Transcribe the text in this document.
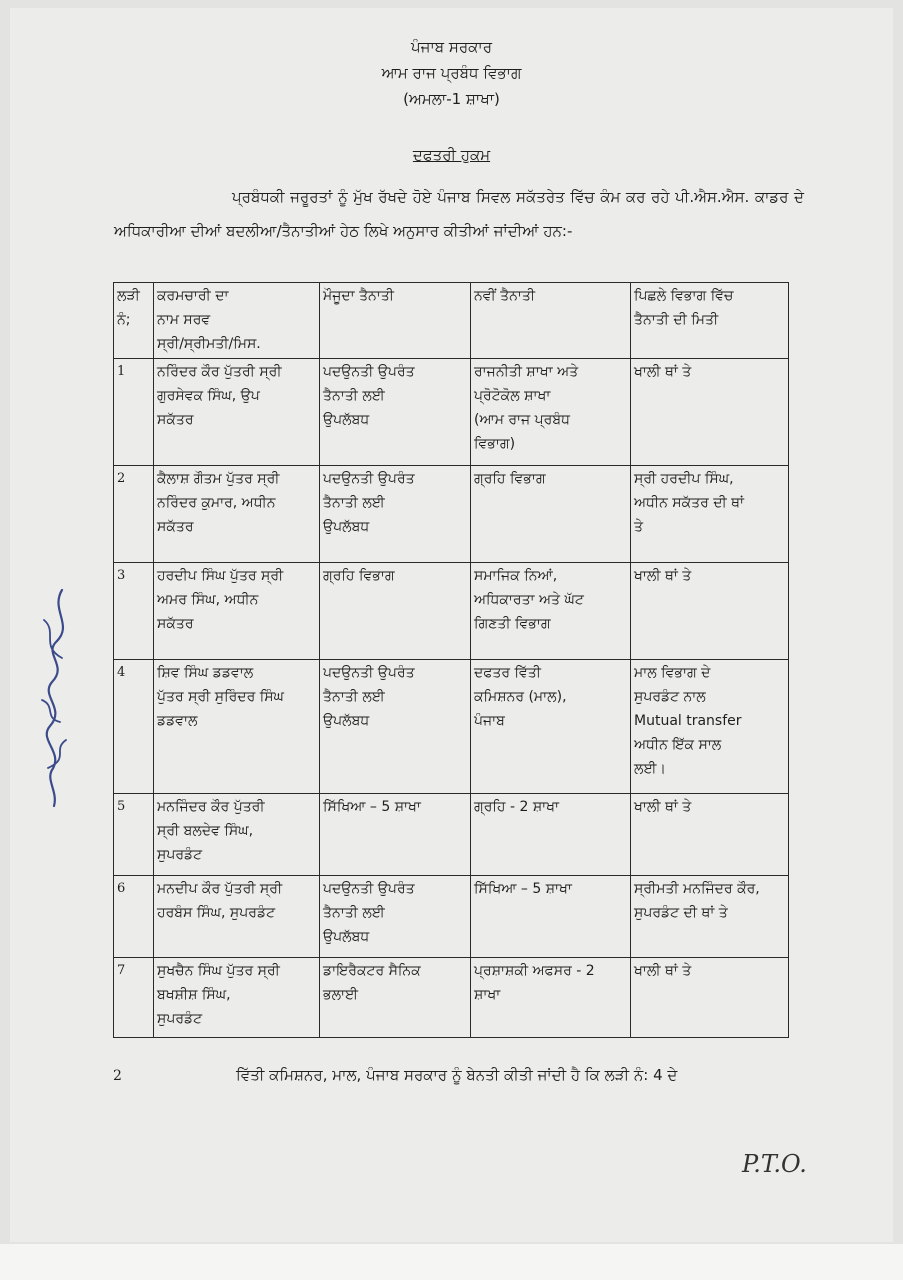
ਪੰਜਾਬ ਸਰਕਾਰ
ਆਮ ਰਾਜ ਪ੍ਰਬੰਧ ਵਿਭਾਗ
(ਅਮਲਾ-1 ਸ਼ਾਖਾ)
ਦਫਤਰੀ ਹੁਕਮ
ਪ੍ਰਬੰਧਕੀ ਜਰੂਰਤਾਂ ਨੂੰ ਮੁੱਖ ਰੱਖਦੇ ਹੋਏ ਪੰਜਾਬ ਸਿਵਲ ਸਕੱਤਰੇਤ ਵਿੱਚ ਕੰਮ ਕਰ ਰਹੇ ਪੀ.ਐਸ.ਐਸ. ਕਾਡਰ ਦੇ ਅਧਿਕਾਰੀਆ ਦੀਆਂ ਬਦਲੀਆ/ਤੈਨਾਤੀਆਂ ਹੇਠ ਲਿਖੇ ਅਨੁਸਾਰ ਕੀਤੀਆਂ ਜਾਂਦੀਆਂ ਹਨ:-
ਲੜੀ
ਨੰ;	ਕਰਮਚਾਰੀ ਦਾ
ਨਾਮ ਸਰਵ
ਸ੍ਰੀ/ਸ੍ਰੀਮਤੀ/ਮਿਸ.	ਮੌਜੂਦਾ ਤੈਨਾਤੀ	ਨਵੀਂ ਤੈਨਾਤੀ	ਪਿਛਲੇ ਵਿਭਾਗ ਵਿੱਚ
ਤੈਨਾਤੀ ਦੀ ਮਿਤੀ
1	ਨਰਿੰਦਰ ਕੌਰ ਪੁੱਤਰੀ ਸ੍ਰੀ
ਗੁਰਸੇਵਕ ਸਿੰਘ, ਉਪ
ਸਕੱਤਰ	ਪਦਉਨਤੀ ਉਪਰੰਤ
ਤੈਨਾਤੀ ਲਈ
ਉਪਲੱਬਧ	ਰਾਜਨੀਤੀ ਸ਼ਾਖਾ ਅਤੇ
ਪ੍ਰੋਟੋਕੋਲ ਸ਼ਾਖਾ
(ਆਮ ਰਾਜ ਪ੍ਰਬੰਧ
ਵਿਭਾਗ)	ਖਾਲੀ ਥਾਂ ਤੇ
2	ਕੈਲਾਸ਼ ਗੌਤਮ ਪੁੱਤਰ ਸ੍ਰੀ
ਨਰਿੰਦਰ ਕੁਮਾਰ, ਅਧੀਨ
ਸਕੱਤਰ	ਪਦਉਨਤੀ ਉਪਰੰਤ
ਤੈਨਾਤੀ ਲਈ
ਉਪਲੱਬਧ	ਗ੍ਰਹਿ ਵਿਭਾਗ	ਸ੍ਰੀ ਹਰਦੀਪ ਸਿੰਘ,
ਅਧੀਨ ਸਕੱਤਰ ਦੀ ਥਾਂ
ਤੇ
3	ਹਰਦੀਪ ਸਿੰਘ ਪੁੱਤਰ ਸ੍ਰੀ
ਅਮਰ ਸਿੰਘ, ਅਧੀਨ
ਸਕੱਤਰ	ਗ੍ਰਹਿ ਵਿਭਾਗ	ਸਮਾਜਿਕ ਨਿਆਂ,
ਅਧਿਕਾਰਤਾ ਅਤੇ ਘੱਟ
ਗਿਣਤੀ ਵਿਭਾਗ	ਖਾਲੀ ਥਾਂ ਤੇ
4	ਸ਼ਿਵ ਸਿੰਘ ਡਡਵਾਲ
ਪੁੱਤਰ ਸ੍ਰੀ ਸੁਰਿੰਦਰ ਸਿੰਘ
ਡਡਵਾਲ	ਪਦਉਨਤੀ ਉਪਰੰਤ
ਤੈਨਾਤੀ ਲਈ
ਉਪਲੱਬਧ	ਦਫਤਰ ਵਿੱਤੀ
ਕਮਿਸ਼ਨਰ (ਮਾਲ),
ਪੰਜਾਬ	ਮਾਲ ਵਿਭਾਗ ਦੇ
ਸੁਪਰਡੰਟ ਨਾਲ
Mutual transfer
ਅਧੀਨ ਇੱਕ ਸਾਲ
ਲਈ।
5	ਮਨਜਿੰਦਰ ਕੌਰ ਪੁੱਤਰੀ
ਸ੍ਰੀ ਬਲਦੇਵ ਸਿੰਘ,
ਸੁਪਰਡੰਟ	ਸਿੱਖਿਆ – 5 ਸ਼ਾਖਾ	ਗ੍ਰਹਿ - 2 ਸ਼ਾਖਾ	ਖਾਲੀ ਥਾਂ ਤੇ
6	ਮਨਦੀਪ ਕੌਰ ਪੁੱਤਰੀ ਸ੍ਰੀ
ਹਰਬੰਸ ਸਿੰਘ, ਸੁਪਰਡੰਟ	ਪਦਉਨਤੀ ਉਪਰੰਤ
ਤੈਨਾਤੀ ਲਈ
ਉਪਲੱਬਧ	ਸਿੱਖਿਆ – 5 ਸ਼ਾਖਾ	ਸ੍ਰੀਮਤੀ ਮਨਜਿੰਦਰ ਕੌਰ,
ਸੁਪਰਡੰਟ ਦੀ ਥਾਂ ਤੇ
7	ਸੁਖਚੈਨ ਸਿੰਘ ਪੁੱਤਰ ਸ੍ਰੀ
ਬਖਸ਼ੀਸ਼ ਸਿੰਘ,
ਸੁਪਰਡੰਟ	ਡਾਇਰੈਕਟਰ ਸੈਨਿਕ
ਭਲਾਈ	ਪ੍ਰਸ਼ਾਸ਼ਕੀ ਅਫਸਰ - 2
ਸ਼ਾਖਾ	ਖਾਲੀ ਥਾਂ ਤੇ
2	ਵਿੱਤੀ ਕਮਿਸ਼ਨਰ, ਮਾਲ, ਪੰਜਾਬ ਸਰਕਾਰ ਨੂੰ ਬੇਨਤੀ ਕੀਤੀ ਜਾਂਦੀ ਹੈ ਕਿ ਲੜੀ ਨੰ: 4 ਦੇ
P.T.O.
